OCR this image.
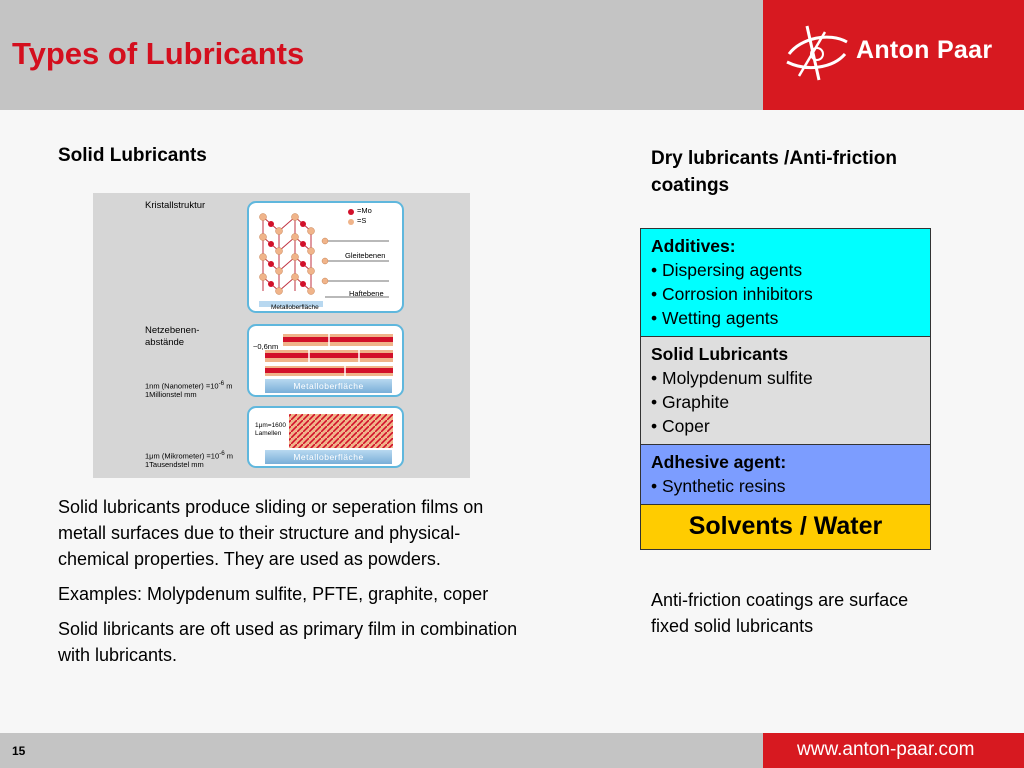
Types of Lubricants	Anton Paar
Solid Lubricants
Kristallstruktur	=Mo
=S
Gleitebenen
Haftebene
Metalloberfläche
Netzebenen-
abstände	~0,6nm
Metalloberfläche
1nm (Nanometer) $=10^{-6}$ m
1Millionstel mm
1μm=1600
Lamellen
Metalloberfläche
1μm (Mikrometer) $=10^{-6}$ m
1Tausendstel mm

Solid lubricants produce sliding or seperation films on metall surfaces due to their structure and physical-chemical properties. They are used as powders.

Examples: Molypdenum sulfite, PFTE, graphite, coper

Solid libricants are oft used as primary film in combination with lubricants.

Dry lubricants /Anti-friction coatings
Additives:
• Dispersing agents
• Corrosion inhibitors
• Wetting agents
Solid Lubricants
• Molypdenum sulfite
• Graphite
• Coper
Adhesive agent:
• Synthetic resins
Solvents / Water
Anti-friction coatings are surface fixed solid lubricants
15	www.anton-paar.com
